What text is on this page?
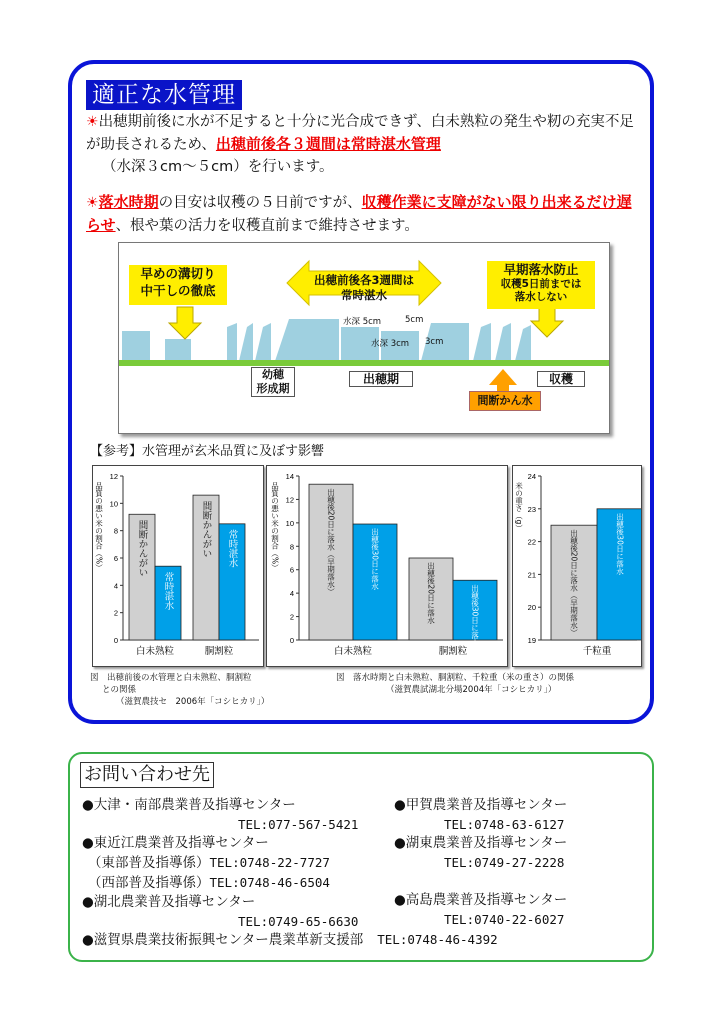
適正な水管理
☀出穂期前後に水が不足すると十分に光合成できず、白未熟粒の発生や籾の充実不足が助長されるため、出穂前後各３週間は常時湛水管理
（水深３cm～５cm）を行います。
☀落水時期の目安は収穫の５日前ですが、収穫作業に支障がない限り出来るだけ遅らせ、根や葉の活力を収穫直前まで維持させます。
早めの溝切り
中干しの徹底
出穂前後各3週間は
常時湛水
早期落水防止
収穫5日前までは
落水しない
水深 5cm	5cm
水深 3cm 3cm
幼穂
形成期
出穂期	収穫
間断かん水
【参考】水管理が玄米品質に及ぼす影響
0
2
4
6
8
10
12
品質の悪い米の割合（%）	間断かんがい
常時湛水
白未熟粒
間断かんがい 常時湛水
胴割粒
0
2
4
6
8
10
12
14
品質の悪い米の割合（%）	出穂後20日に落水（早期落水）	出穂後30日に落水
白未熟粒
出穂後20日に落水	出穂後30日に落水
胴割粒
19
20
21
22
23
24
米の重さ（g）
出穂後20日に落水（早期落水）	出穂後30日に落水
千粒重
図　出穂前後の水管理と白未熟粒、胴割粒
との関係
（滋賀農技セ　2006年「コシヒカリ」）
図　落水時期と白未熟粒、胴割粒、千粒重（米の重さ）の関係
（滋賀農試湖北分場2004年「コシヒカリ」）
お問い合わせ先
●大津・南部農業普及指導センター
TEL:077-567-5421
●東近江農業普及指導センター
（東部普及指導係）TEL:0748-22-7727
（西部普及指導係）TEL:0748-46-6504
●湖北農業普及指導センター
TEL:0749-65-6630
●甲賀農業普及指導センター
TEL:0748-63-6127
●湖東農業普及指導センター
TEL:0749-27-2228
●高島農業普及指導センター
TEL:0740-22-6027
●滋賀県農業技術振興センター農業革新支援部 TEL:0748-46-4392
